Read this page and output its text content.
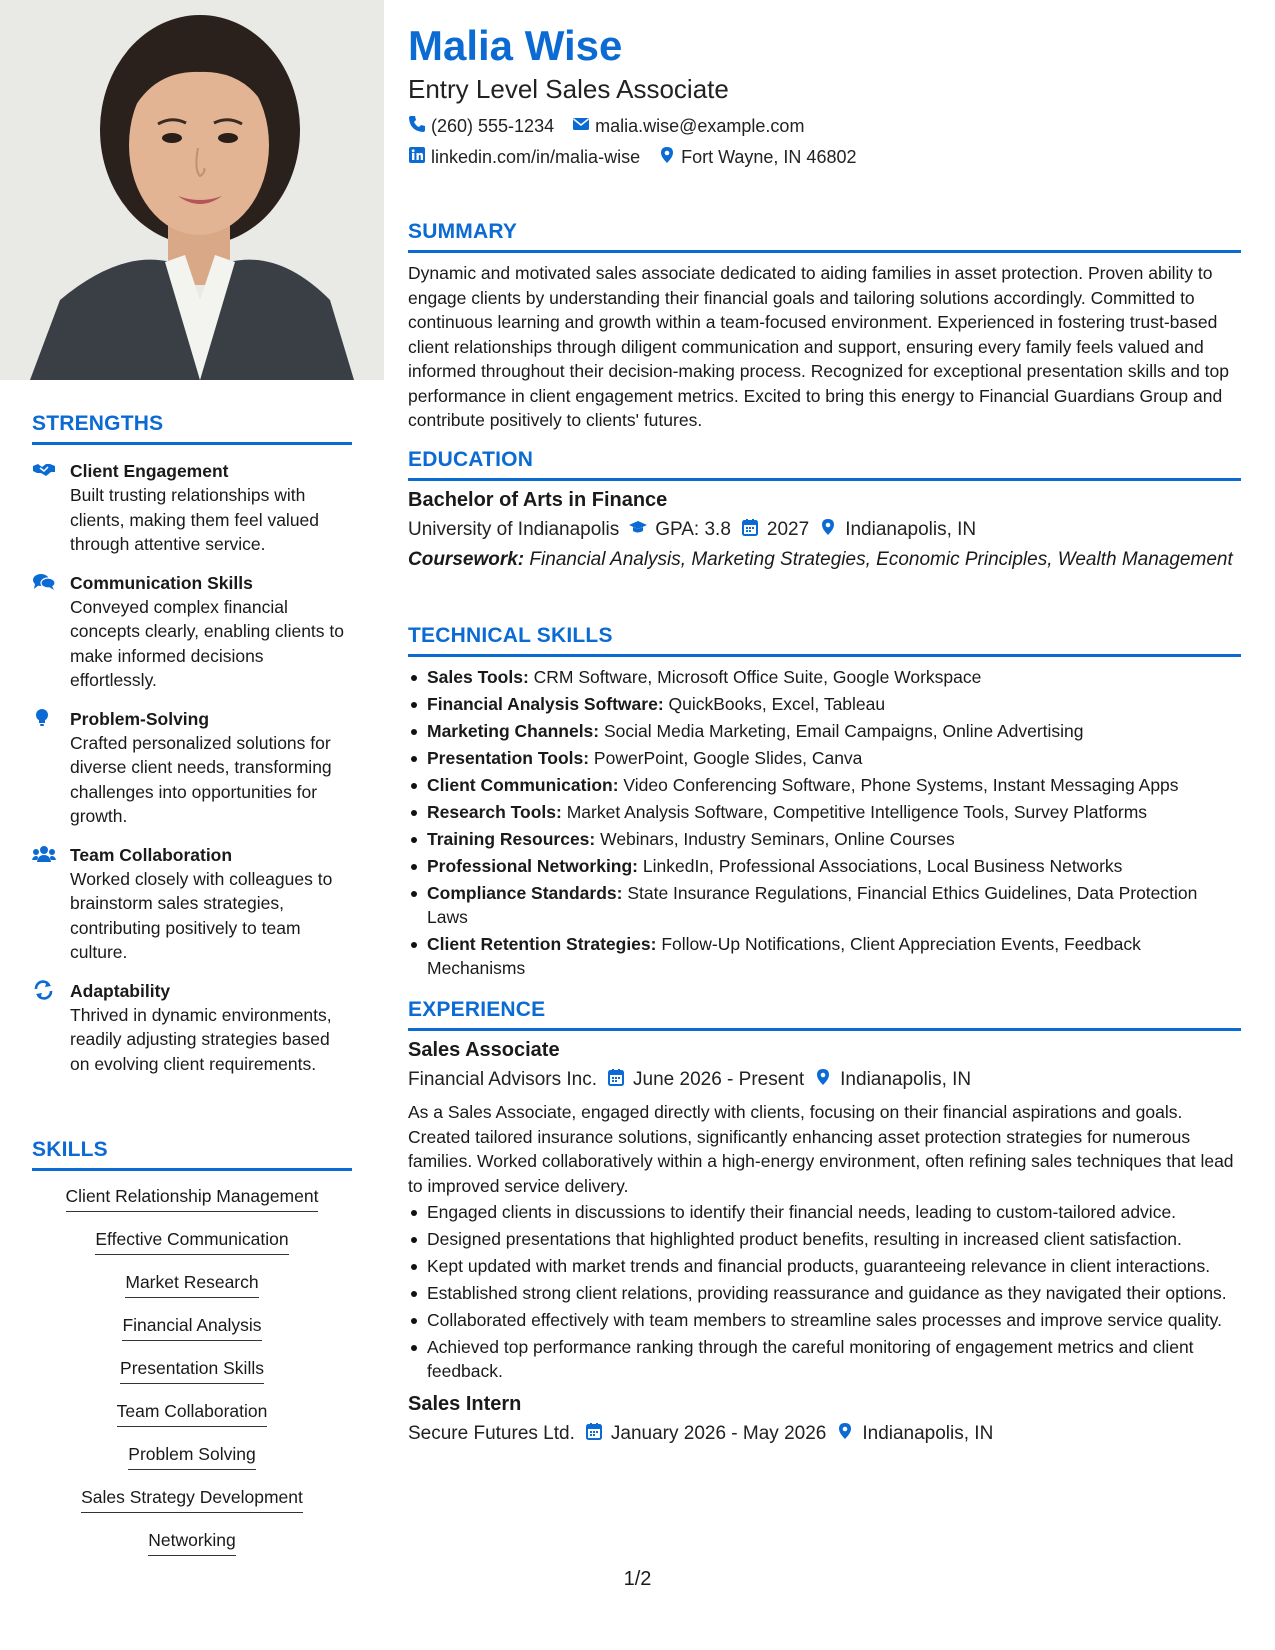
STRENGTHS
Client Engagement
Built trusting relationships with clients, making them feel valued through attentive service.
Communication Skills
Conveyed complex financial concepts clearly, enabling clients to make informed decisions effortlessly.
Problem-Solving
Crafted personalized solutions for diverse client needs, transforming challenges into opportunities for growth.
Team Collaboration
Worked closely with colleagues to brainstorm sales strategies, contributing positively to team culture.
Adaptability
Thrived in dynamic environments, readily adjusting strategies based on evolving client requirements.
SKILLS
Client Relationship Management
Effective Communication
Market Research
Financial Analysis
Presentation Skills
Team Collaboration
Problem Solving
Sales Strategy Development
Networking
Malia Wise
Entry Level Sales Associate
(260) 555-1234 malia.wise@example.com
linkedin.com/in/malia-wise Fort Wayne, IN 46802
SUMMARY
Dynamic and motivated sales associate dedicated to aiding families in asset protection. Proven ability to engage clients by understanding their financial goals and tailoring solutions accordingly. Committed to continuous learning and growth within a team-focused environment. Experienced in fostering trust-based client relationships through diligent communication and support, ensuring every family feels valued and informed throughout their decision-making process. Recognized for exceptional presentation skills and top performance in client engagement metrics. Excited to bring this energy to Financial Guardians Group and contribute positively to clients' futures.
EDUCATION
Bachelor of Arts in Finance
University of Indianapolis GPA: 3.8 2027 Indianapolis, IN
Coursework: Financial Analysis, Marketing Strategies, Economic Principles, Wealth Management
TECHNICAL SKILLS
Sales Tools: CRM Software, Microsoft Office Suite, Google Workspace
Financial Analysis Software: QuickBooks, Excel, Tableau
Marketing Channels: Social Media Marketing, Email Campaigns, Online Advertising
Presentation Tools: PowerPoint, Google Slides, Canva
Client Communication: Video Conferencing Software, Phone Systems, Instant Messaging Apps
Research Tools: Market Analysis Software, Competitive Intelligence Tools, Survey Platforms
Training Resources: Webinars, Industry Seminars, Online Courses
Professional Networking: LinkedIn, Professional Associations, Local Business Networks
Compliance Standards: State Insurance Regulations, Financial Ethics Guidelines, Data Protection Laws
Client Retention Strategies: Follow-Up Notifications, Client Appreciation Events, Feedback Mechanisms
EXPERIENCE
Sales Associate
Financial Advisors Inc. June 2026 - Present Indianapolis, IN
As a Sales Associate, engaged directly with clients, focusing on their financial aspirations and goals. Created tailored insurance solutions, significantly enhancing asset protection strategies for numerous families. Worked collaboratively within a high-energy environment, often refining sales techniques that lead to improved service delivery.
Engaged clients in discussions to identify their financial needs, leading to custom-tailored advice.
Designed presentations that highlighted product benefits, resulting in increased client satisfaction.
Kept updated with market trends and financial products, guaranteeing relevance in client interactions.
Established strong client relations, providing reassurance and guidance as they navigated their options.
Collaborated effectively with team members to streamline sales processes and improve service quality.
Achieved top performance ranking through the careful monitoring of engagement metrics and client feedback.
Sales Intern
Secure Futures Ltd. January 2026 - May 2026 Indianapolis, IN
1/2
